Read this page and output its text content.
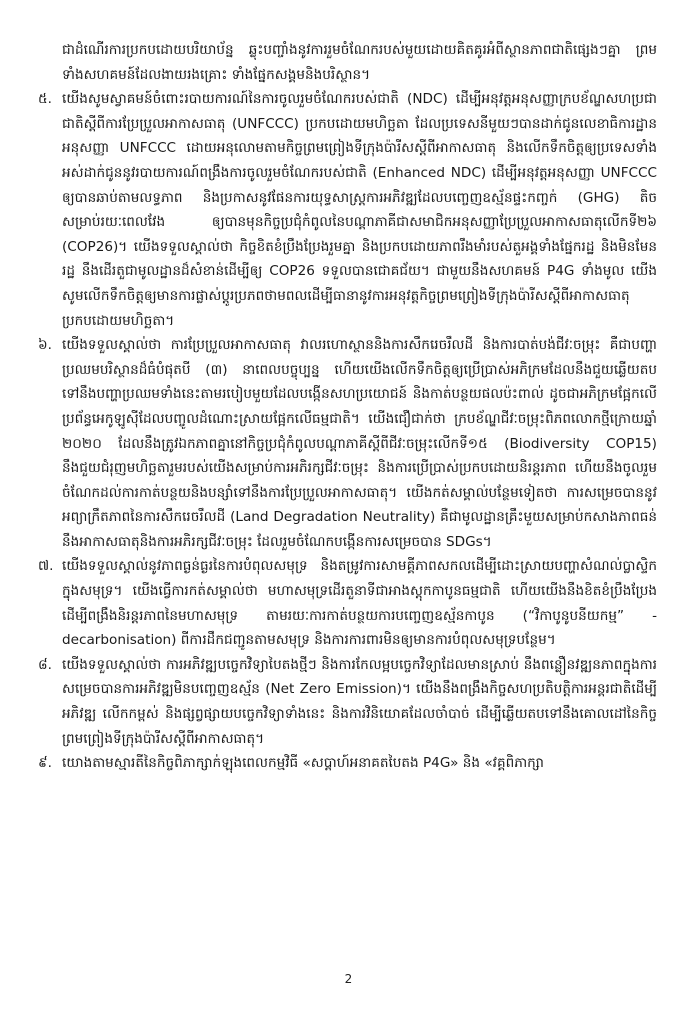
ជាដំណើរការប្រកបដោយបរិយាប័ន្ន ឆ្លុះបញ្ចាំងនូវការរួមចំណែករបស់មួយដោយគិតគូរអំពីស្ថានភាពជាតិផ្សេងៗគ្នា ព្រមទាំងសហគមន៍ដែលងាយរងគ្រោះ ទាំងផ្នែកសង្គមនិងបរិស្ថាន។

៥. យើងសូមស្វាគមន៍ចំពោះរបាយការណ៍នៃការចូលរួមចំណែករបស់ជាតិ (NDC) ដើម្បីអនុវត្តអនុសញ្ញាក្របខ័ណ្ឌសហប្រជាជាតិស្តីពីការប្រែប្រួលអាកាសធាតុ (UNFCCC) ប្រកបដោយមហិច្ឆតា ដែលប្រទេសនីមួយៗបានដាក់ជូនលេខាធិការដ្ឋានអនុសញ្ញា UNFCCC ដោយអនុលោមតាមកិច្ចព្រមព្រៀងទីក្រុងប៉ារីសស្តីពីអាកាសធាតុ និងលើកទឹកចិត្តឲ្យប្រទេសទាំងអស់ដាក់ជូននូវរបាយការណ៍ពង្រឹងការចូលរួមចំណែករបស់ជាតិ (Enhanced NDC) ដើម្បីអនុវត្តអនុសញ្ញា UNFCCC ឲ្យបានឆាប់តាមលទ្ធភាព និងប្រកាសនូវផែនការយុទ្ធសាស្ត្រការអភិវឌ្ឍដែលបញ្ចេញឧស្ម័នផ្ទះកញ្ចក់ (GHG) តិចសម្រាប់រយៈពេលវែង ឲ្យបានមុនកិច្ចប្រជុំកំពូលនៃបណ្តាភាគីជាសមាជិកអនុសញ្ញាប្រែប្រួលអាកាសធាតុលើកទី២៦ (COP26)។ យើងទទួលស្គាល់ថា កិច្ចខិតខំប្រឹងប្រែងរួមគ្នា និងប្រកបដោយភាពរឹងមាំរបស់តួអង្គទាំងផ្នែករដ្ឋ និងមិនមែនរដ្ឋ នឹងដើរតួជាមូលដ្ឋានដ៏សំខាន់ដើម្បីឲ្យ COP26 ទទួលបានជោគជ័យ។ ជាមួយនឹងសហគមន៍ P4G ទាំងមូល យើងសូមលើកទឹកចិត្តឲ្យមានការផ្លាស់ប្តូរប្រភពថាមពលដើម្បីធានានូវការអនុវត្តកិច្ចព្រមព្រៀងទីក្រុងប៉ារីសស្តីពីអាកាសធាតុប្រកបដោយមហិច្ឆតា។

៦. យើងទទួលស្គាល់ថា ការប្រែប្រួលអាកាសធាតុ វាលរហោស្ថាននិងការសឹករេចរឹលដី និងការបាត់បង់ជីវៈចម្រុះ គឺជាបញ្ហាប្រឈមបរិស្ថានដ៏ធំបំផុតបី (៣) នាពេលបច្ចុប្បន្ន ហើយយើងលើកទឹកចិត្តឲ្យប្រើប្រាស់អភិក្រមដែលនឹងជួយឆ្លើយតបទៅនឹងបញ្ហាប្រឈមទាំងនេះតាមរបៀបមួយដែលបង្កើនសហប្រយោជន៍ និងកាត់បន្ថយផលប៉ះពាល់ ដូចជាអភិក្រមផ្អែកលើប្រព័ន្ធអេកូឡូស៊ីដែលបញ្ចូលដំណោះស្រាយផ្អែកលើធម្មជាតិ។ យើងជឿជាក់ថា ក្របខ័ណ្ឌជីវៈចម្រុះពិភពលោកថ្មីក្រោយឆ្នាំ ២០២០ ដែលនឹងត្រូវឯកភាពគ្នានៅកិច្ចប្រជុំកំពូលបណ្តាភាគីស្តីពីជីវៈចម្រុះលើកទី១៥ (Biodiversity COP15) នឹងជួយជំរុញមហិច្ឆតារួមរបស់យើងសម្រាប់ការអភិរក្សជីវៈចម្រុះ និងការប្រើប្រាស់ប្រកបដោយនិរន្តរភាព ហើយនឹងចូលរួមចំណែកដល់ការកាត់បន្ថយនិងបន្សាំទៅនឹងការប្រែប្រួលអាកាសធាតុ។ យើងកត់សម្គាល់បន្ថែមទៀតថា ការសម្រេចបាននូវអព្យាក្រឹតភាពនៃការសឹករេចរឹលដី (Land Degradation Neutrality) គឺជាមូលដ្ឋានគ្រឹះមួយសម្រាប់កសាងភាពធន់នឹងអាកាសធាតុនិងការអភិរក្សជីវៈចម្រុះ ដែលរួមចំណែកបង្កើនការសម្រេចបាន SDGs។

៧. យើងទទួលស្គាល់នូវភាពធ្ងន់ធ្ងរនៃការបំពុលសមុទ្រ និងតម្រូវការសាមគ្គីភាពសកលដើម្បីដោះស្រាយបញ្ហាសំណល់ប្លាស្ទិកក្នុងសមុទ្រ។ យើងធ្វើការកត់សម្គាល់ថា មហាសមុទ្រដើរតួនាទីជាអាងស្តុកកាបូនធម្មជាតិ ហើយយើងនឹងខិតខំប្រឹងប្រែងដើម្បីពង្រឹងនិរន្តរភាពនៃមហាសមុទ្រ តាមរយៈការកាត់បន្ថយការបញ្ចេញឧស្ម័នកាបូន (“វិកាបូនូបនីយកម្ម” - decarbonisation) ពីការដឹកជញ្ជូនតាមសមុទ្រ និងការការពារមិនឲ្យមានការបំពុលសមុទ្របន្ថែម។

៨. យើងទទួលស្គាល់ថា ការអភិវឌ្ឍបច្ចេកវិទ្យាបៃតងថ្មីៗ និងការកែលម្អបច្ចេកវិទ្យាដែលមានស្រាប់ នឹងពន្លឿនវឌ្ឍនភាពក្នុងការសម្រេចបានការអភិវឌ្ឍមិនបញ្ចេញឧស្ម័ន (Net Zero Emission)។ យើងនឹងពង្រឹងកិច្ចសហប្រតិបត្តិការអន្តរជាតិដើម្បីអភិវឌ្ឍ លើកកម្ពស់ និងផ្សព្វផ្សាយបច្ចេកវិទ្យាទាំងនេះ និងការវិនិយោគដែលចាំបាច់ ដើម្បីឆ្លើយតបទៅនឹងគោលដៅនៃកិច្ចព្រមព្រៀងទីក្រុងប៉ារីសស្តីពីអាកាសធាតុ។

៩. យោងតាមស្មារតីនៃកិច្ចពិភាក្សាក់ឡុងពេលកម្មវិធី «សប្តាហ៍អនាគតបៃតង P4G» និង «វគ្គពិភាក្សា

2
